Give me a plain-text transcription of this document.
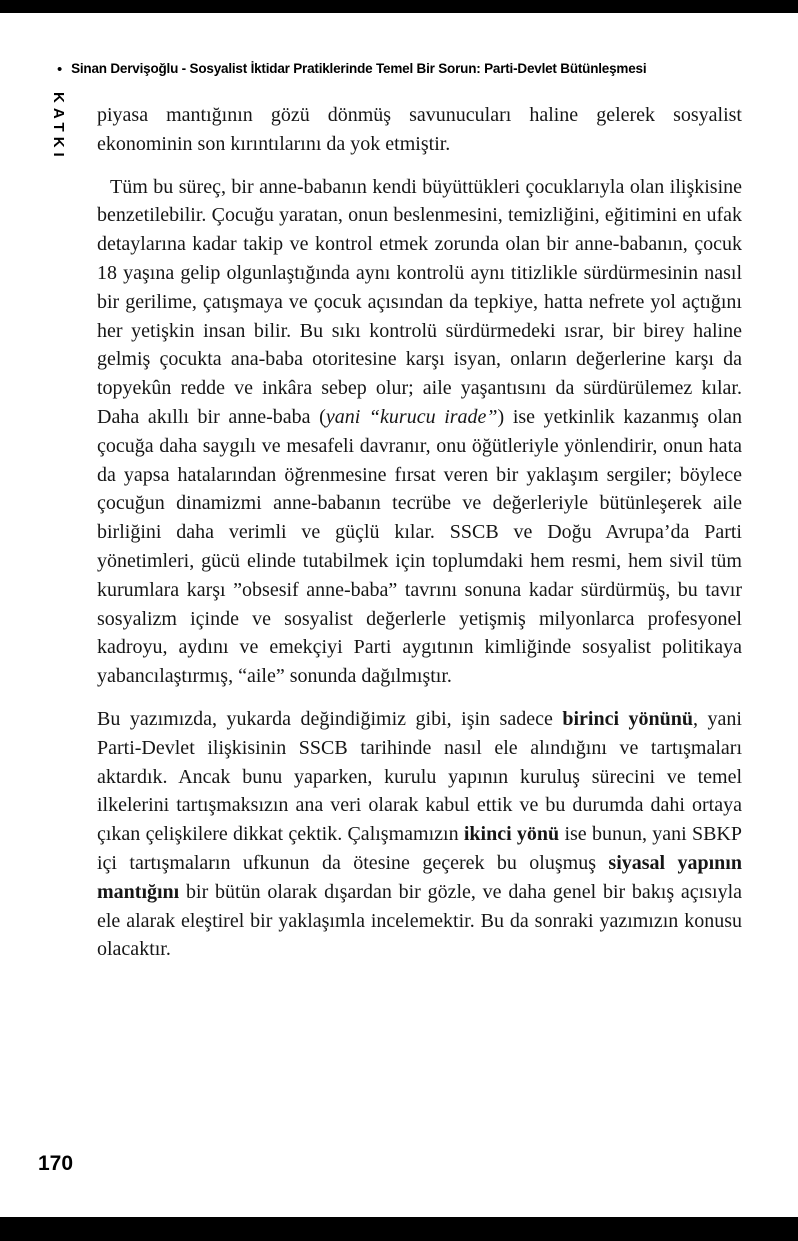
• Sinan Dervişoğlu - Sosyalist İktidar Pratiklerinde Temel Bir Sorun: Parti-Devlet Bütünleşmesi
KATKI piyasa mantığının gözü dönmüş savunucuları haline gelerek sosyalist ekonominin son kırıntılarını da yok etmiştir.

Tüm bu süreç, bir anne-babanın kendi büyüttükleri çocuklarıyla olan ilişkisine benzetilebilir. Çocuğu yaratan, onun beslenmesini, temizliğini, eğitimini en ufak detaylarına kadar takip ve kontrol etmek zorunda olan bir anne-babanın, çocuk 18 yaşına gelip olgunlaştığında aynı kontrolü aynı titizlikle sürdürmesinin nasıl bir gerilime, çatışmaya ve çocuk açısından da tepkiye, hatta nefrete yol açtığını her yetişkin insan bilir. Bu sıkı kontrolü sürdürmedeki ısrar, bir birey haline gelmiş çocukta ana-baba otoritesine karşı isyan, onların değerlerine karşı da topyekûn redde ve inkâra sebep olur; aile yaşantısını da sürdürülemez kılar. Daha akıllı bir anne-baba (yani “kurucu irade”) ise yetkinlik kazanmış olan çocuğa daha saygılı ve mesafeli davranır, onu öğütleriyle yönlendirir, onun hata da yapsa hatalarından öğrenmesine fırsat veren bir yaklaşım sergiler; böylece çocuğun dinamizmi anne-babanın tecrübe ve değerleriyle bütünleşerek aile birliğini daha verimli ve güçlü kılar. SSCB ve Doğu Avrupa’da Parti yönetimleri, gücü elinde tutabilmek için toplumdaki hem resmi, hem sivil tüm kurumlara karşı ”obsesif anne-baba” tavrını sonuna kadar sürdürmüş, bu tavır sosyalizm içinde ve sosyalist değerlerle yetişmiş milyonlarca profesyonel kadroyu, aydını ve emekçiyi Parti aygıtının kimliğinde sosyalist politikaya yabancılaştırmış, “aile” sonunda dağılmıştır.

Bu yazımızda, yukarda değindiğimiz gibi, işin sadece birinci yönünü, yani Parti-Devlet ilişkisinin SSCB tarihinde nasıl ele alındığını ve tartışmaları aktardık. Ancak bunu yaparken, kurulu yapının kuruluş sürecini ve temel ilkelerini tartışmaksızın ana veri olarak kabul ettik ve bu durumda dahi ortaya çıkan çelişkilere dikkat çektik. Çalışmamızın ikinci yönü ise bunun, yani SBKP içi tartışmaların ufkunun da ötesine geçerek bu oluşmuş siyasal yapının mantığını bir bütün olarak dışardan bir gözle, ve daha genel bir bakış açısıyla ele alarak eleştirel bir yaklaşımla incelemektir. Bu da sonraki yazımızın konusu olacaktır.

170
